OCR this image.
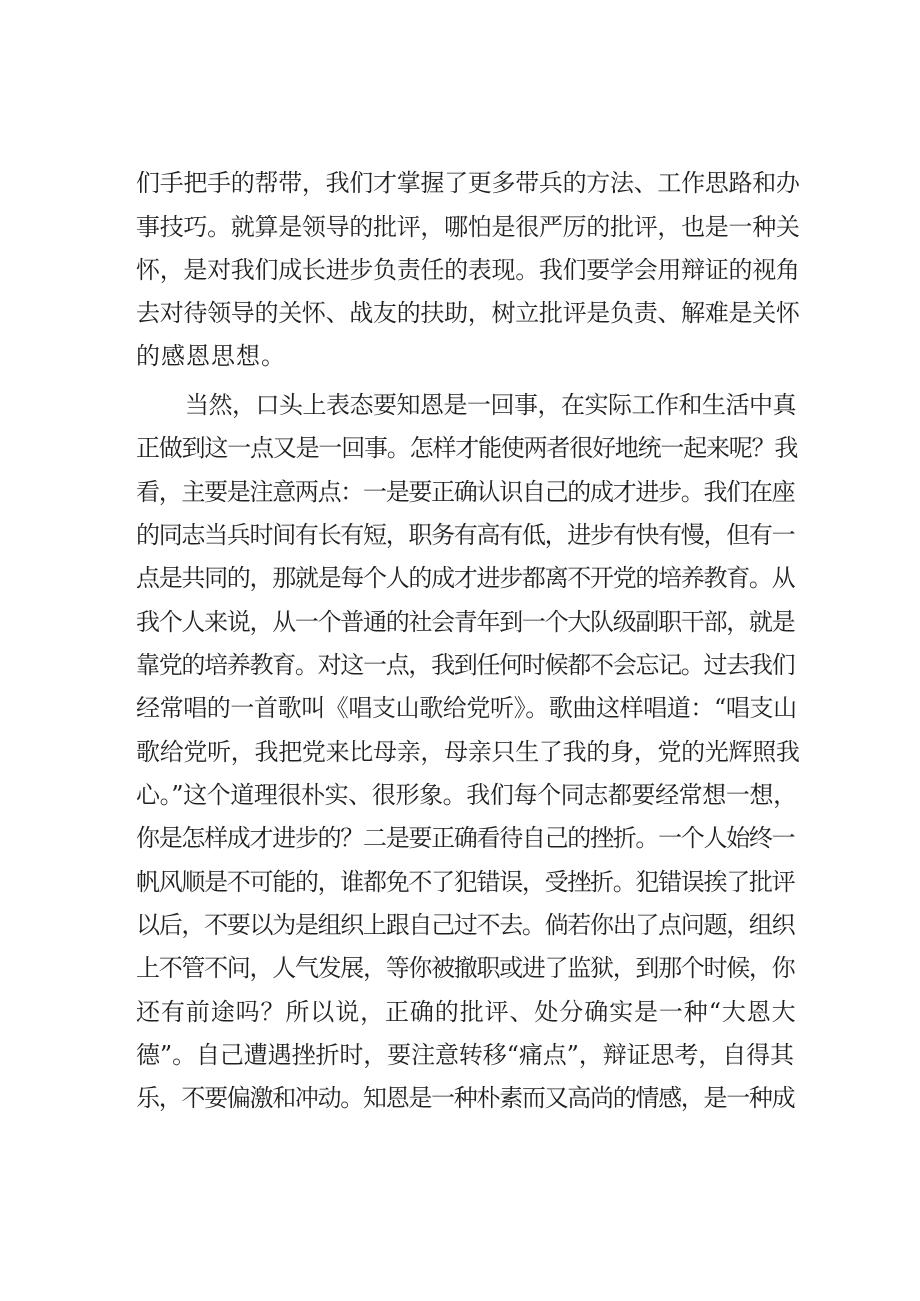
们手把手的帮带，我们才掌握了更多带兵的方法、工作思路和办
事技巧。就算是领导的批评，哪怕是很严厉的批评，也是一种关
怀，是对我们成长进步负责任的表现。我们要学会用辩证的视角
去对待领导的关怀、战友的扶助，树立批评是负责、解难是关怀
的感恩思想。
当然，口头上表态要知恩是一回事，在实际工作和生活中真
正做到这一点又是一回事。怎样才能使两者很好地统一起来呢？我
看，主要是注意两点：一是要正确认识自己的成才进步。我们在座
的同志当兵时间有长有短，职务有高有低，进步有快有慢，但有一
点是共同的，那就是每个人的成才进步都离不开党的培养教育。从
我个人来说，从一个普通的社会青年到一个大队级副职干部，就是
靠党的培养教育。对这一点，我到任何时候都不会忘记。过去我们
经常唱的一首歌叫《唱支山歌给党听》。歌曲这样唱道：“唱支山
歌给党听，我把党来比母亲，母亲只生了我的身，党的光辉照我
心。”这个道理很朴实、很形象。我们每个同志都要经常想一想，
你是怎样成才进步的？二是要正确看待自己的挫折。一个人始终一
帆风顺是不可能的，谁都免不了犯错误，受挫折。犯错误挨了批评
以后，不要以为是组织上跟自己过不去。倘若你出了点问题，组织
上不管不问，人气发展，等你被撤职或进了监狱，到那个时候，你
还有前途吗？所以说，正确的批评、处分确实是一种“大恩大
德”。自己遭遇挫折时，要注意转移“痛点”，辩证思考，自得其
乐，不要偏激和冲动。知恩是一种朴素而又高尚的情感，是一种成
